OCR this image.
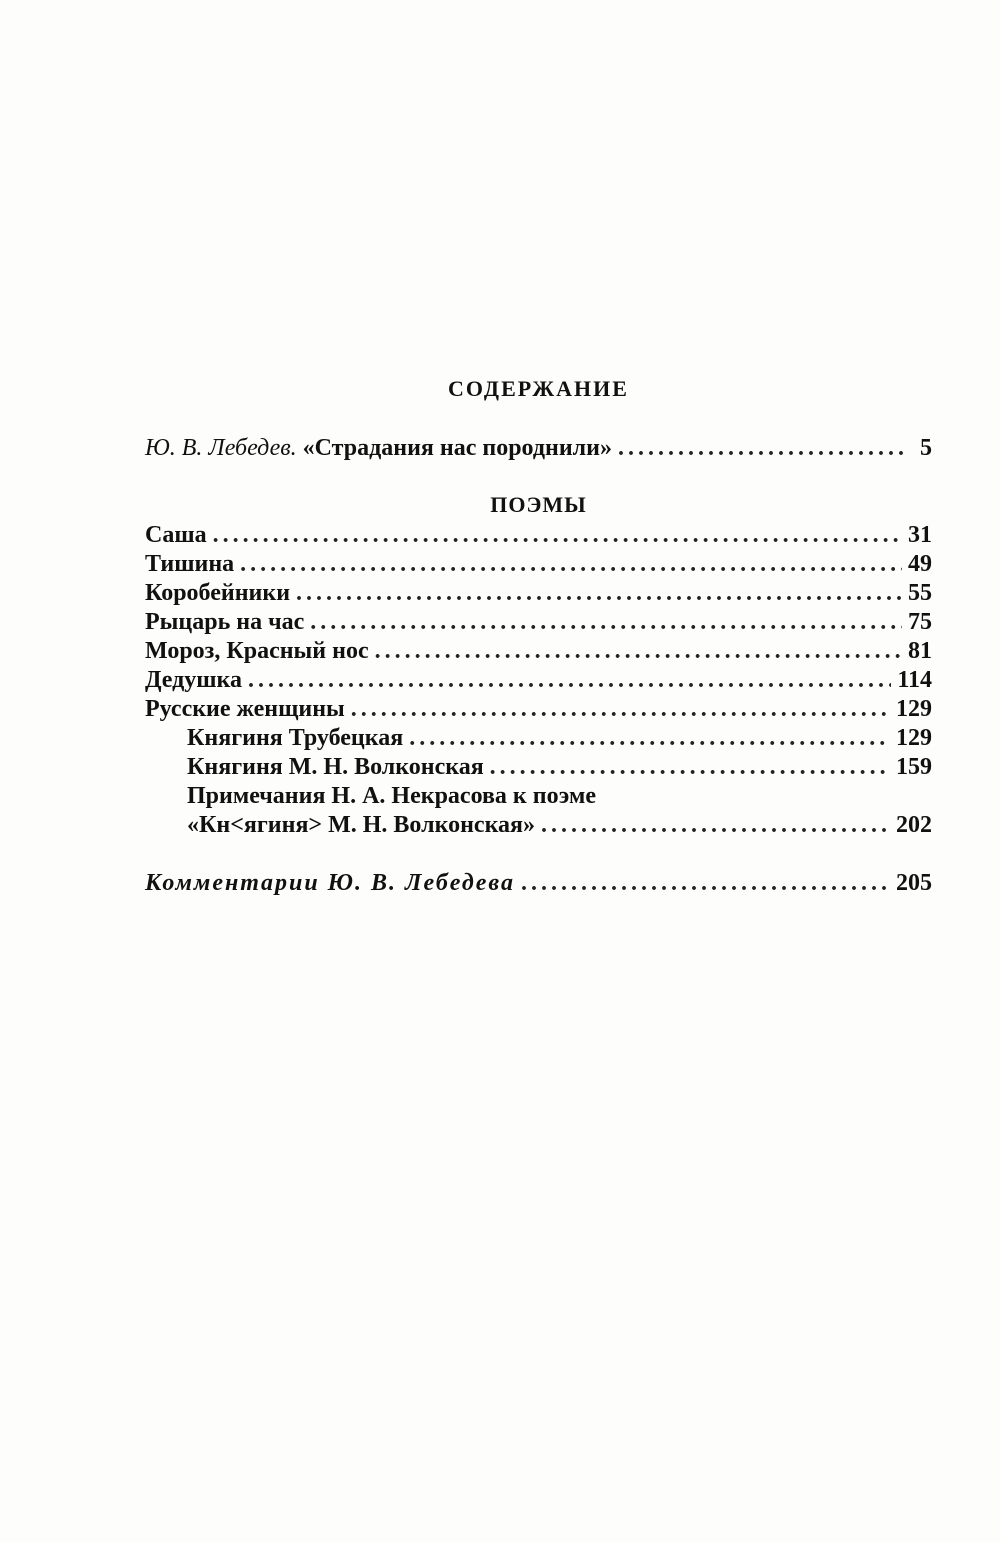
СОДЕРЖАНИЕ
Ю. В. Лебедев. «Страдания нас породнили» . . .	5
ПОЭМЫ
Саша . . .	31
Тишина . . .	49
Коробейники . . .	55
Рыцарь на час . . .	75
Мороз, Красный нос . . .	81
Дедушка . . .	114
Русские женщины . . .	129
Княгиня Трубецкая . . .	129
Княгиня М. Н. Волконская . . .	159
Примечания Н. А. Некрасова к поэме
«Кн<ягиня> М. Н. Волконская» . . .	202
Комментарии Ю. В. Лебедева . . .	205
